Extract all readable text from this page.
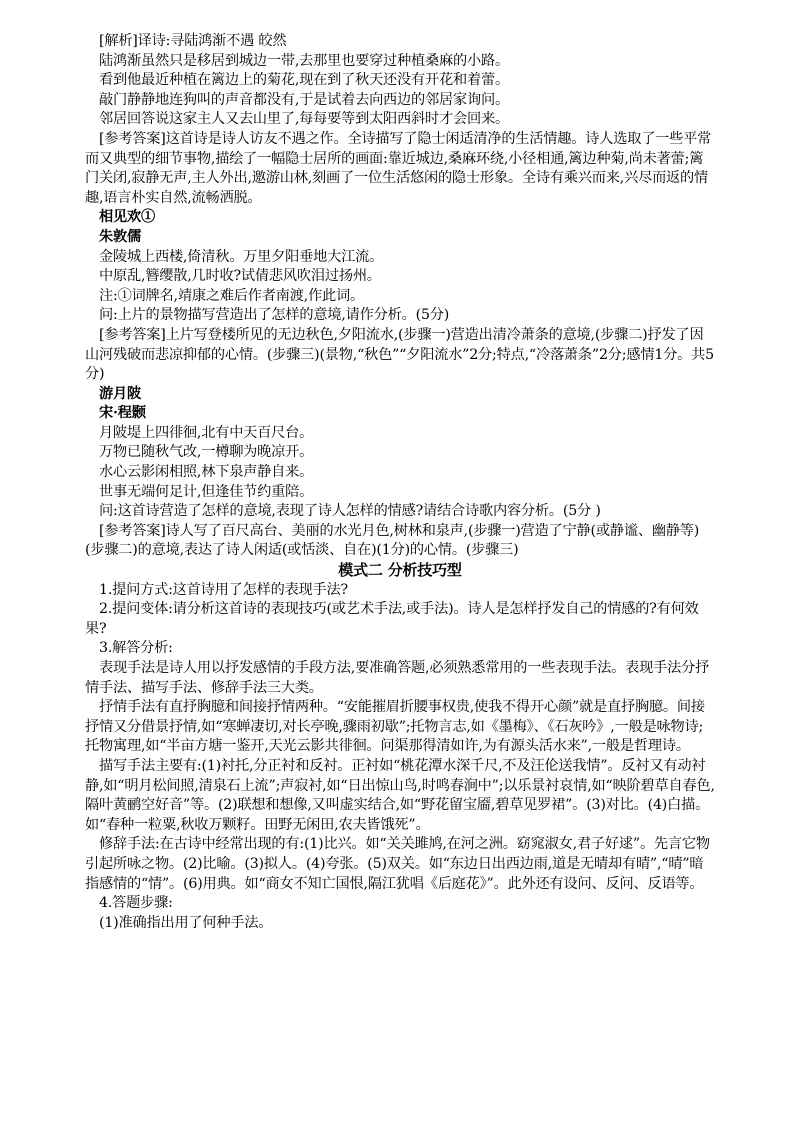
[解析]译诗:寻陆鸿渐不遇 皎然

陆鸿渐虽然只是移居到城边一带,去那里也要穿过种植桑麻的小路。

看到他最近种植在篱边上的菊花,现在到了秋天还没有开花和着蕾。

敲门静静地连狗叫的声音都没有,于是试着去向西边的邻居家询问。

邻居回答说这家主人又去山里了,每每要等到太阳西斜时才会回来。

[参考答案]这首诗是诗人访友不遇之作。全诗描写了隐士闲适清净的生活情趣。诗人选取了一些平常而又典型的细节事物,描绘了一幅隐士居所的画面:靠近城边,桑麻环绕,小径相通,篱边种菊,尚未著蕾;篱门关闭,寂静无声,主人外出,邀游山林,刻画了一位生活悠闲的隐士形象。全诗有乘兴而来,兴尽而返的情趣,语言朴实自然,流畅洒脱。

相见欢①

朱敦儒

金陵城上西楼,倚清秋。万里夕阳垂地大江流。

中原乱,簪缨散,几时收?试倩悲风吹泪过扬州。

注:①词牌名,靖康之难后作者南渡,作此词。

问:上片的景物描写营造出了怎样的意境,请作分析。(5分)

[参考答案]上片写登楼所见的无边秋色,夕阳流水,(步骤一)营造出清冷萧条的意境,(步骤二)抒发了因山河残破而悲凉抑郁的心情。(步骤三)(景物,“秋色”“夕阳流水”2分;特点,“冷落萧条”2分;感情1分。共5分)

游月陂

宋·程颢

月陂堤上四徘徊,北有中天百尺台。

万物已随秋气改,一樽聊为晚凉开。

水心云影闲相照,林下泉声静自来。

世事无端何足计,但逢佳节约重陪。

问:这首诗营造了怎样的意境,表现了诗人怎样的情感?请结合诗歌内容分析。(5分 )

[参考答案]诗人写了百尺高台、美丽的水光月色,树林和泉声,(步骤一)营造了宁静(或静谧、幽静等)(步骤二)的意境,表达了诗人闲适(或恬淡、自在)(1分)的心情。(步骤三)

模式二 分析技巧型

1.提问方式:这首诗用了怎样的表现手法?

2.提问变体:请分析这首诗的表现技巧(或艺术手法,或手法)。诗人是怎样抒发自己的情感的?有何效果?

3.解答分析:

表现手法是诗人用以抒发感情的手段方法,要准确答题,必须熟悉常用的一些表现手法。表现手法分抒情手法、描写手法、修辞手法三大类。

抒情手法有直抒胸臆和间接抒情两种。“安能摧眉折腰事权贵,使我不得开心颜”就是直抒胸臆。间接抒情又分借景抒情,如“寒蝉凄切,对长亭晚,骤雨初歇”;托物言志,如《墨梅》、《石灰吟》,一般是咏物诗;托物寓理,如“半亩方塘一鉴开,天光云影共徘徊。问渠那得清如许,为有源头活水来”,一般是哲理诗。

描写手法主要有:(1)衬托,分正衬和反衬。正衬如“桃花潭水深千尺,不及汪伦送我情”。反衬又有动衬静,如“明月松间照,清泉石上流”;声寂衬,如“日出惊山鸟,时鸣春涧中”;以乐景衬哀情,如“映阶碧草自春色,隔叶黄鹂空好音”等。(2)联想和想像,又叫虚实结合,如“野花留宝靥,碧草见罗裙”。(3)对比。(4)白描。如“春种一粒粟,秋收万颗籽。田野无闲田,农夫皆饿死”。

修辞手法:在古诗中经常出现的有:(1)比兴。如“关关雎鸠,在河之洲。窈窕淑女,君子好逑”。先言它物引起所咏之物。(2)比喻。(3)拟人。(4)夸张。(5)双关。如“东边日出西边雨,道是无晴却有晴”,“晴”暗指感情的“情”。(6)用典。如“商女不知亡国恨,隔江犹唱《后庭花》”。此外还有设问、反问、反语等。

4.答题步骤:

(1)准确指出用了何种手法。
